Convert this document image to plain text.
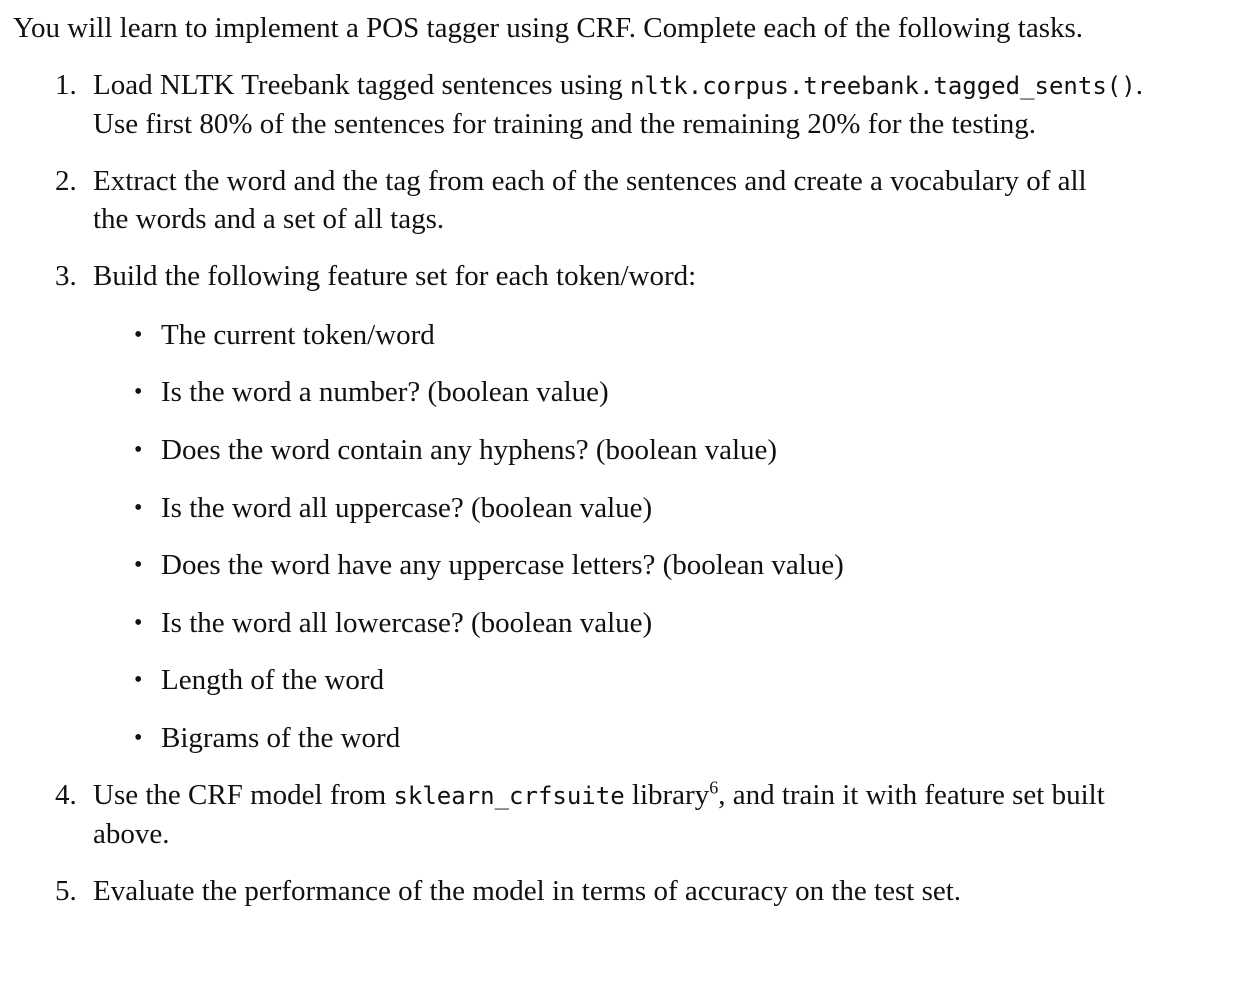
You will learn to implement a POS tagger using CRF. Complete each of the following tasks.
1. Load NLTK Treebank tagged sentences using nltk.corpus.treebank.tagged_sents().
Use first 80% of the sentences for training and the remaining 20% for the testing.
2. Extract the word and the tag from each of the sentences and create a vocabulary of all
the words and a set of all tags.
3. Build the following feature set for each token/word:
• The current token/word
• Is the word a number? (boolean value)
• Does the word contain any hyphens? (boolean value)
• Is the word all uppercase? (boolean value)
• Does the word have any uppercase letters? (boolean value)
• Is the word all lowercase? (boolean value)
• Length of the word
• Bigrams of the word
4. Use the CRF model from sklearn_crfsuite library$^6$, and train it with feature set built
above.
5. Evaluate the performance of the model in terms of accuracy on the test set.
